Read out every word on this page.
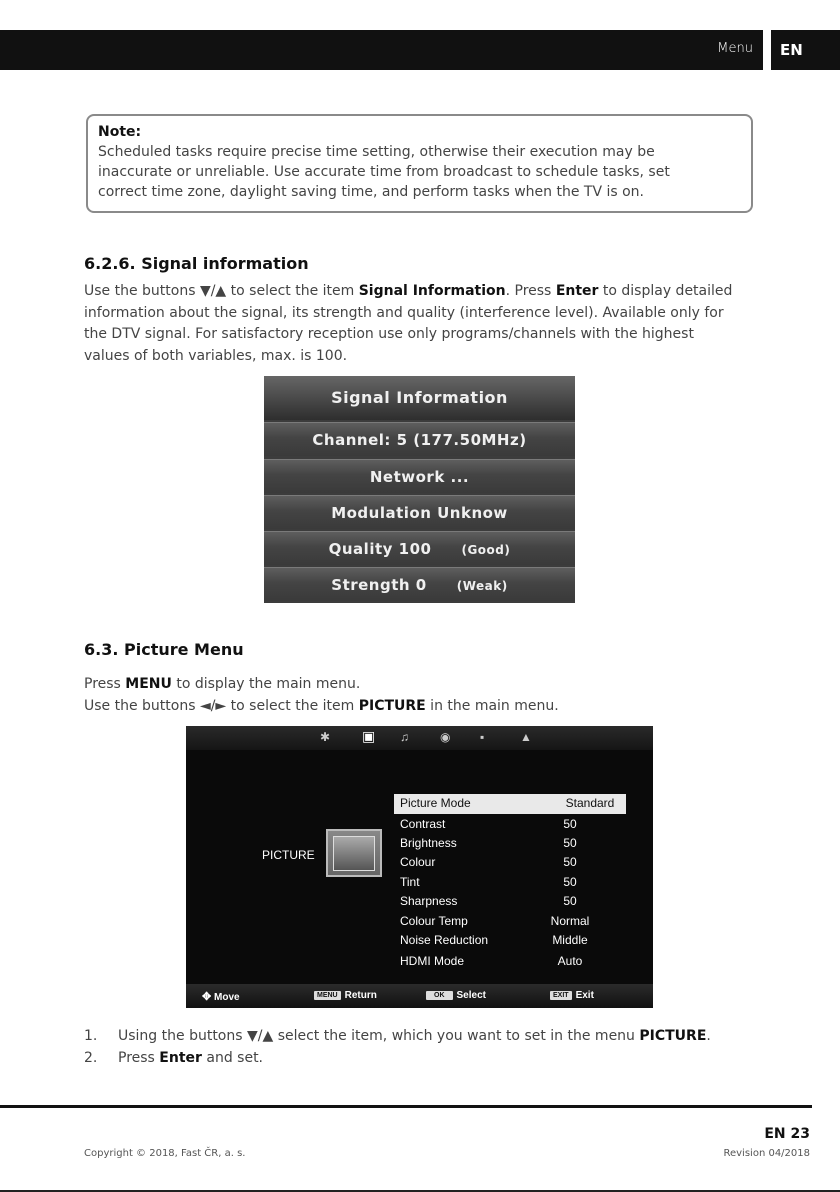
Menu	EN
Note:
Scheduled tasks require precise time setting, otherwise their execution may be
inaccurate or unreliable. Use accurate time from broadcast to schedule tasks, set
correct time zone, daylight saving time, and perform tasks when the TV is on.
6.2.6. Signal information
Use the buttons ▼/▲ to select the item Signal Information. Press Enter to display detailed
information about the signal, its strength and quality (interference level). Available only for
the DTV signal. For satisfactory reception use only programs/channels with the highest
values of both variables, max. is 100.
Signal Information
Channel: 5 (177.50MHz)
Network ...
Modulation Unknow
Quality 100	(Good)
Strength 0	(Weak)
6.3. Picture Menu
Press MENU to display the main menu.
Use the buttons ◄/► to select the item PICTURE in the main menu.
✱ ▣ ♫	◉ ▪	▲
PICTURE
Picture Mode	Standard
Contrast	50
Brightness	50
Colour	50
Tint	50
Sharpness	50
Colour Temp	Normal
Noise Reduction	Middle
HDMI Mode	Auto
✥ Move	MENU Return	OK Select	EXIT Exit
1. Using the buttons ▼/▲ select the item, which you want to set in the menu PICTURE.
2. Press Enter and set.
EN 23
Copyright © 2018, Fast ČR, a. s.	Revision 04/2018
